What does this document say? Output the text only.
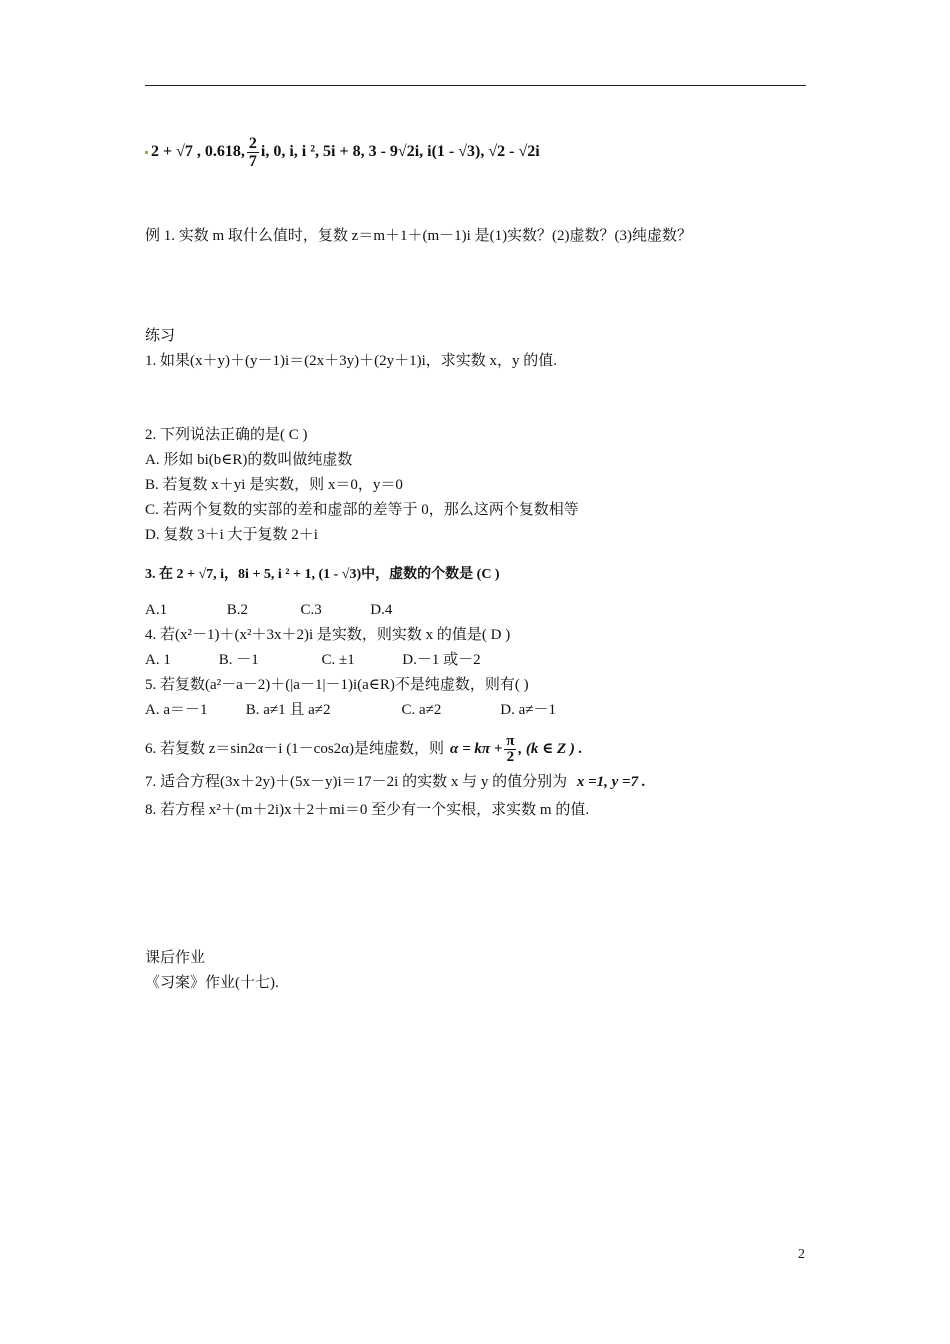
2 + √7 , 0.618, $\frac{2}{7} i$, 0, i, i ², 5i + 8, 3 - 9√2i, i(1 - √3), √2 - √2i
例 1. 实数 m 取什么值时，复数 z＝m＋1＋(m－1)i 是(1)实数？(2)虚数？(3)纯虚数？
练习
1. 如果(x＋y)＋(y－1)i＝(2x＋3y)＋(2y＋1)i，求实数 x，y 的值.
2. 下列说法正确的是( C )
A. 形如 bi(b∈R)的数叫做纯虚数
B. 若复数 x＋yi 是实数，则 x＝0，y＝0
C. 若两个复数的实部的差和虚部的差等于 0，那么这两个复数相等
D. 复数 3＋i 大于复数 2＋i
3. 在 2 + √7, i，8i + 5, i ² + 1, (1 - √3)中，虚数的个数是 (C )
A.1	B.2	C.3	D.4
4. 若(x²－1)＋(x²＋3x＋2)i 是实数，则实数 x 的值是( D )
A. 1	B. －1	C. ±1	D.－1 或－2
5. 若复数(a²－a－2)＋(|a－1|－1)i(a∈R)不是纯虚数，则有( )
A. a＝－1	B. a≠1 且 a≠2	C. a≠2	D. a≠－1
6. 若复数 z＝sin2α－i (1－cos2α)是纯虚数，则 $\alpha = k\pi + \frac{\pi}{2}$ , (k ∈ Z ) .
7. 适合方程(3x＋2y)＋(5x－y)i＝17－2i 的实数 x 与 y 的值分别为 x =1, y =7 .
8. 若方程 x²＋(m＋2i)x＋2＋mi＝0 至少有一个实根，求实数 m 的值.
课后作业
《习案》作业(十七).
2
